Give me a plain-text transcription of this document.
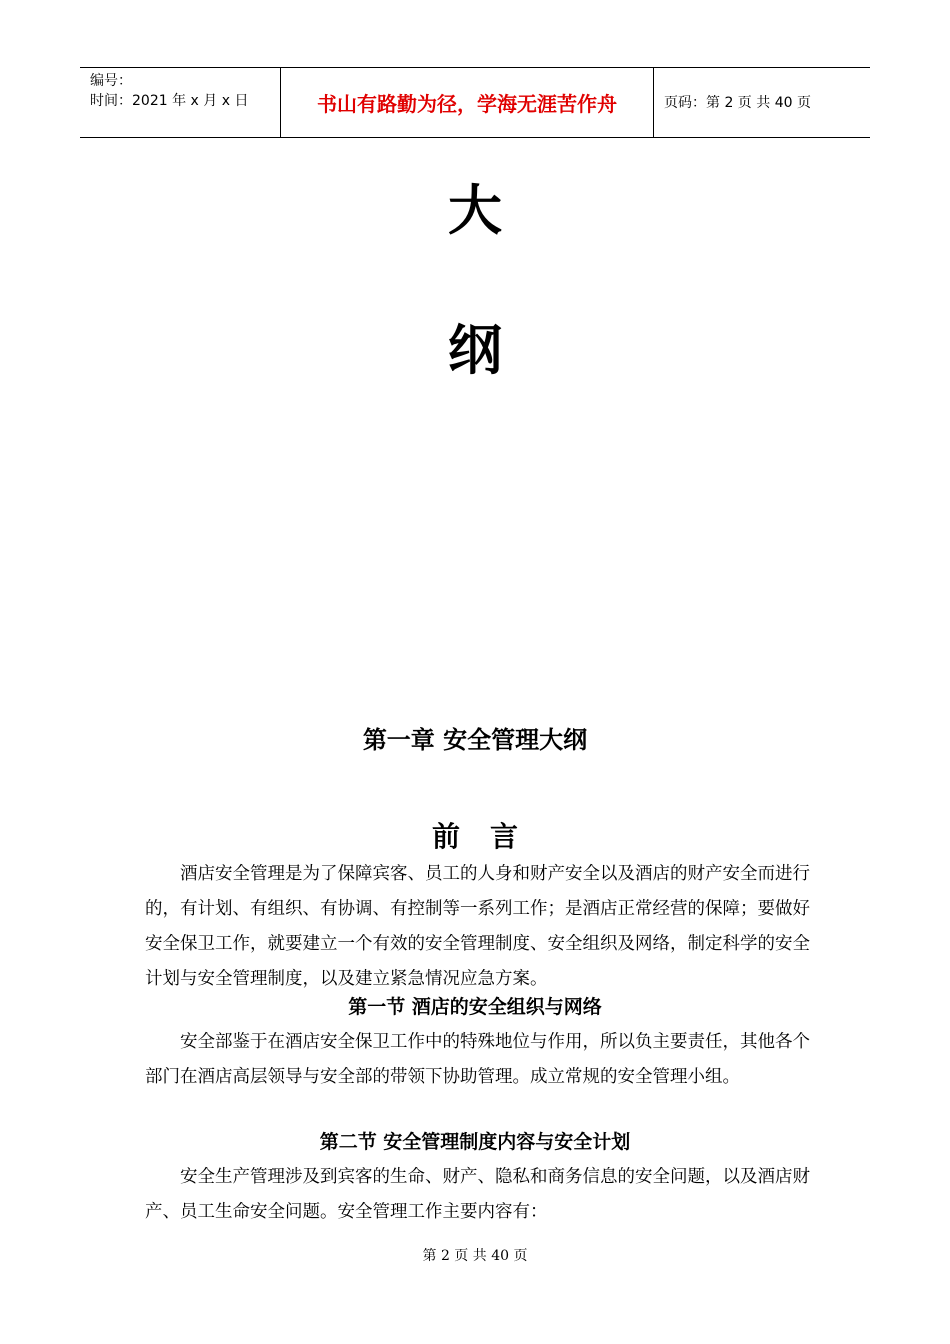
编号：
时间：2021 年 x 月 x 日	书山有路勤为径，学海无涯苦作舟	页码：第 2 页 共 40 页
大
纲
第一章 安全管理大纲
前言
酒店安全管理是为了保障宾客、员工的人身和财产安全以及酒店的财产安全而进行的，有计划、有组织、有协调、有控制等一系列工作；是酒店正常经营的保障；要做好安全保卫工作，就要建立一个有效的安全管理制度、安全组织及网络，制定科学的安全计划与安全管理制度，以及建立紧急情况应急方案。
第一节 酒店的安全组织与网络
安全部鉴于在酒店安全保卫工作中的特殊地位与作用，所以负主要责任，其他各个部门在酒店高层领导与安全部的带领下协助管理。成立常规的安全管理小组。
第二节 安全管理制度内容与安全计划
安全生产管理涉及到宾客的生命、财产、隐私和商务信息的安全问题，以及酒店财产、员工生命安全问题。安全管理工作主要内容有：
第 2 页 共 40 页
